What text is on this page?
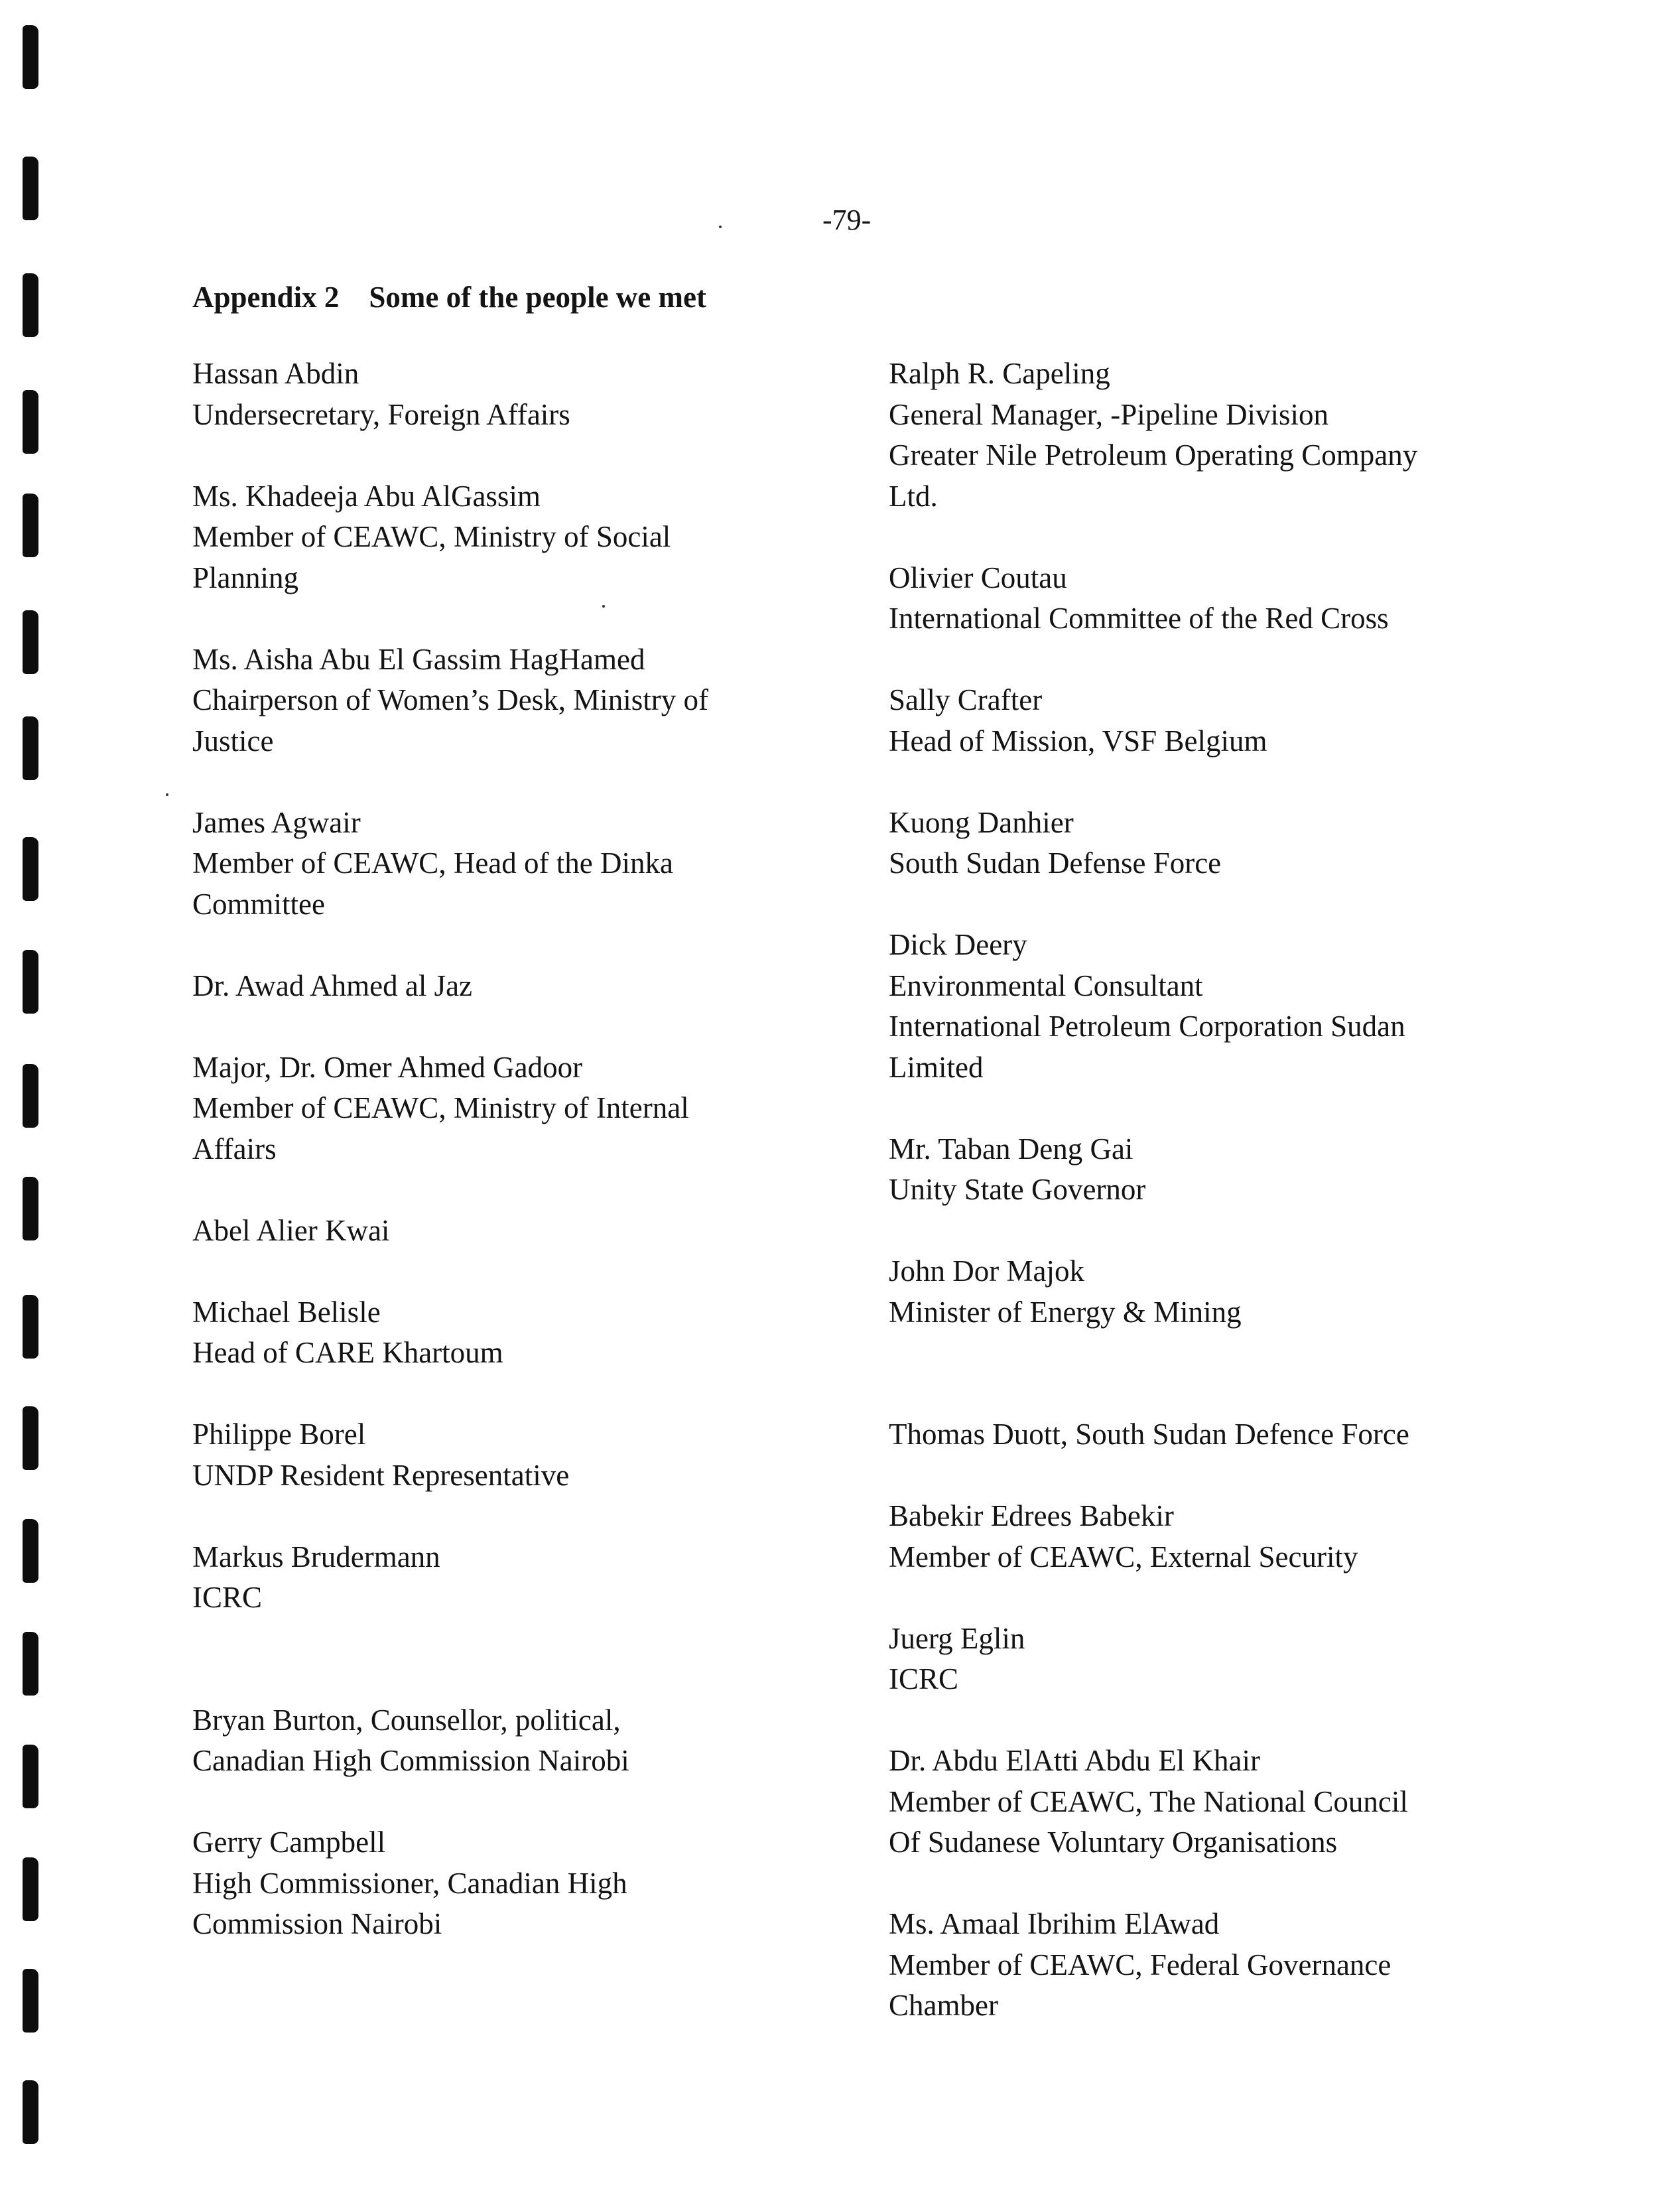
-79-
Appendix 2    Some of the people we met
Hassan Abdin
Undersecretary, Foreign Affairs
Ms. Khadeeja Abu AlGassim
Member of CEAWC, Ministry of Social
Planning
Ms. Aisha Abu El Gassim HagHamed
Chairperson of Women’s Desk, Ministry of
Justice
James Agwair
Member of CEAWC, Head of the Dinka
Committee
Dr. Awad Ahmed al Jaz
Major, Dr. Omer Ahmed Gadoor
Member of CEAWC, Ministry of Internal
Affairs
Abel Alier Kwai
Michael Belisle
Head of CARE Khartoum
Philippe Borel
UNDP Resident Representative
Markus Brudermann
ICRC
Bryan Burton, Counsellor, political,
Canadian High Commission Nairobi
Gerry Campbell
High Commissioner, Canadian High
Commission Nairobi
Ralph R. Capeling
General Manager, -Pipeline Division
Greater Nile Petroleum Operating Company
Ltd.
Olivier Coutau
International Committee of the Red Cross
Sally Crafter
Head of Mission, VSF Belgium
Kuong Danhier
South Sudan Defense Force
Dick Deery
Environmental Consultant
International Petroleum Corporation Sudan
Limited
Mr. Taban Deng Gai
Unity State Governor
John Dor Majok
Minister of Energy & Mining
Thomas Duott, South Sudan Defence Force
Babekir Edrees Babekir
Member of CEAWC, External Security
Juerg Eglin
ICRC
Dr. Abdu ElAtti Abdu El Khair
Member of CEAWC, The National Council
Of Sudanese Voluntary Organisations
Ms. Amaal Ibrihim ElAwad
Member of CEAWC, Federal Governance
Chamber
